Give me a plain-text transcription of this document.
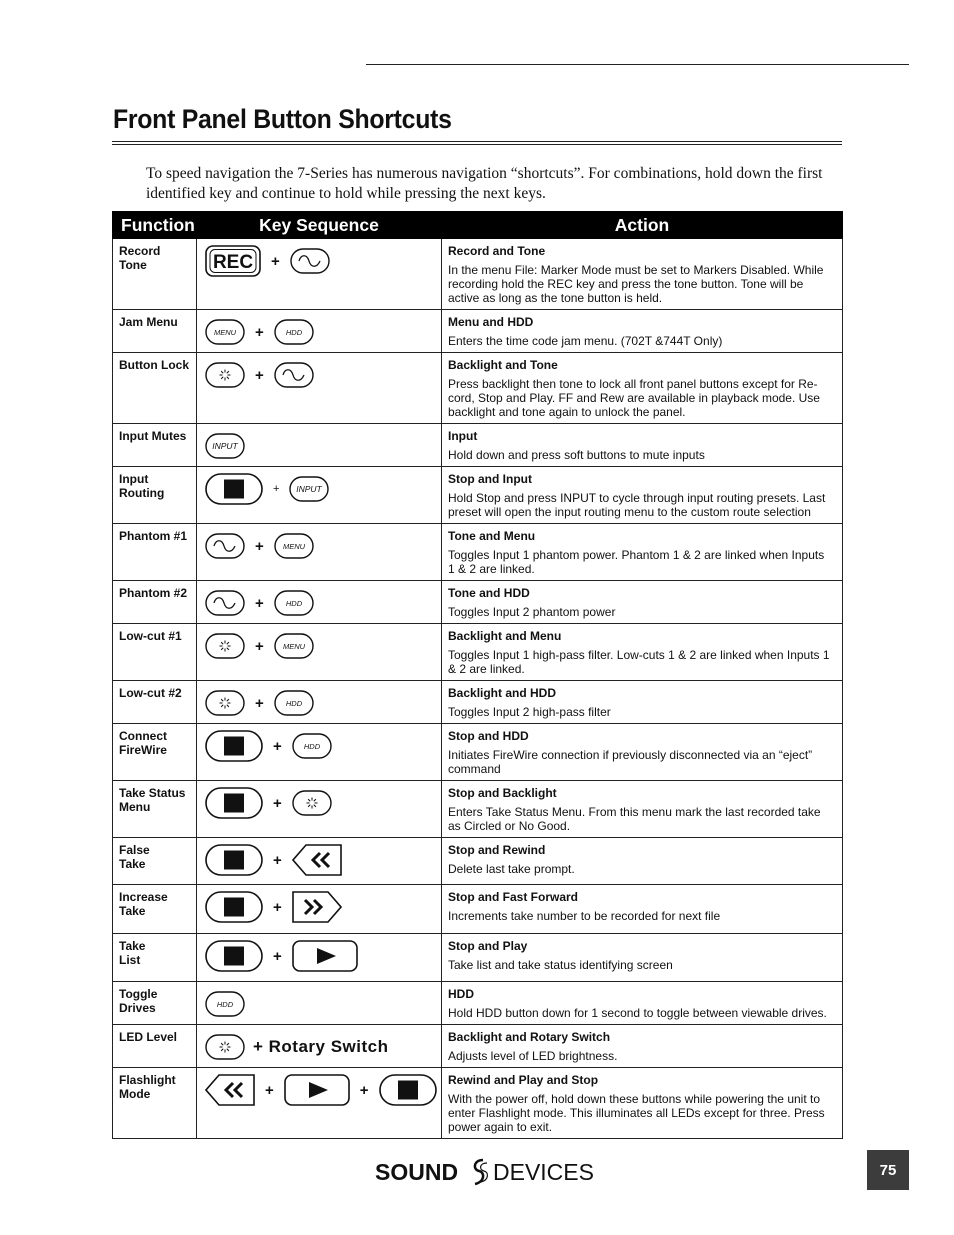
Front Panel Button Shortcuts

To speed navigation the 7-Series has numerous navigation “shortcuts”. For combinations, hold down the first identified key and continue to hold while pressing the next keys.

Function	Key Sequence	Action
Record Tone	REC +	Record and Tone
In the menu File: Marker Mode must be set to Markers Disabled. While recording hold the REC key and press the tone button. Tone will be active as long as the tone button is held.

Jam Menu	MENU + HDD	Menu and HDD
Enters the time code jam menu. (702T &744T Only)

Button Lock	+	Backlight and Tone
Press backlight then tone to lock all front panel buttons except for Re-cord, Stop and Play. FF and Rew are available in playback mode. Use backlight and tone again to unlock the panel.

Input Mutes	INPUT	Input
Hold down and press soft buttons to mute inputs

Input
Routing	+ INPUT	Stop and Input
Hold Stop and press INPUT to cycle through input routing presets. Last preset will open the input routing menu to the custom route selection

Phantom #1	+ MENU	Tone and Menu
Toggles Input 1 phantom power. Phantom 1 & 2 are linked when Inputs 1 & 2 are linked.

Phantom #2	+ HDD	Tone and HDD
Toggles Input 2 phantom power

Low-cut #1	+ MENU	Backlight and Menu
Toggles Input 1 high-pass filter. Low-cuts 1 & 2 are linked when Inputs 1 & 2 are linked.

Low-cut #2	+ HDD	Backlight and HDD
Toggles Input 2 high-pass filter

Connect
FireWire	+ HDD	Stop and HDD
Initiates FireWire connection if previously disconnected via an “eject” command

Take Status
Menu	+	Stop and Backlight
Enters Take Status Menu. From this menu mark the last recorded take as Circled or No Good.

False
Take	+	Stop and Rewind
Delete last take prompt.

Increase
Take	+	Stop and Fast Forward
Increments take number to be recorded for next file

Take
List	+	Stop and Play
Take list and take status identifying screen

Toggle
Drives	HDD	HDD
Hold HDD button down for 1 second to toggle between viewable drives.

LED Level	+ Rotary Switch	Backlight and Rotary Switch
Adjusts level of LED brightness.

Flashlight
Mode	+ +	Rewind and Play and Stop
With the power off, hold down these buttons while powering the unit to enter Flashlight mode. This illuminates all LEDs except for three. Press power again to exit.
SOUND DEVICES	75
